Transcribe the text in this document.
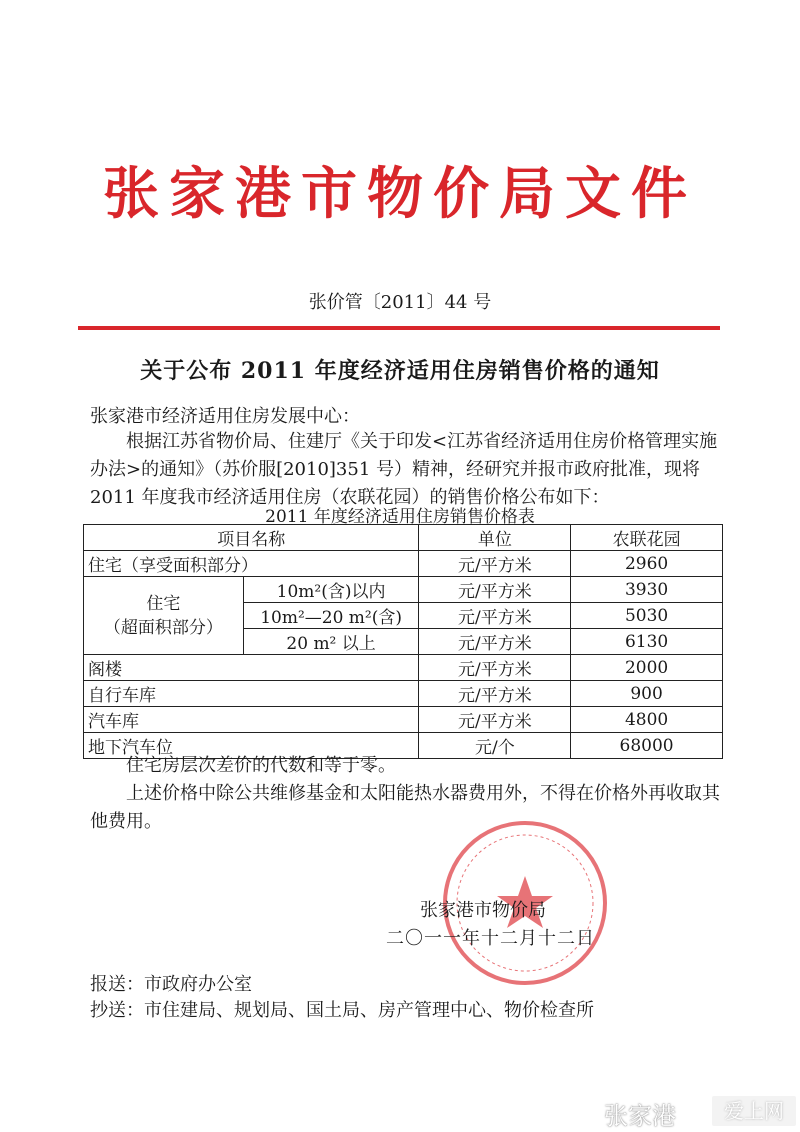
张家港市物价局文件
张价管〔2011〕44 号
关于公布 2011 年度经济适用住房销售价格的通知
张家港市经济适用住房发展中心：
根据江苏省物价局、住建厅《关于印发<江苏省经济适用住房价格管理实施办法>的通知》（苏价服[2010]351 号）精神，经研究并报市政府批准，现将 2011 年度我市经济适用住房（农联花园）的销售价格公布如下：
2011 年度经济适用住房销售价格表
项目名称		单位	农联花园
住宅（享受面积部分）		元/平方米	2960

住宅
（超面积部分）	10m²(含)以内	元/平方米	3930
	10m²—20 m²(含)	元/平方米	5030
	20 m² 以上	元/平方米	6130
阁楼		元/平方米	2000
自行车库		元/平方米	900
汽车库		元/平方米	4800
地下汽车位		元/个	68000
住宅房层次差价的代数和等于零。
上述价格中除公共维修基金和太阳能热水器费用外，不得在价格外再收取其他费用。
张家港市物价局
二〇一一年十二月十二日
报送：市政府办公室
抄送：市住建局、规划局、国土局、房产管理中心、物价检查所
张家港	爱上网
